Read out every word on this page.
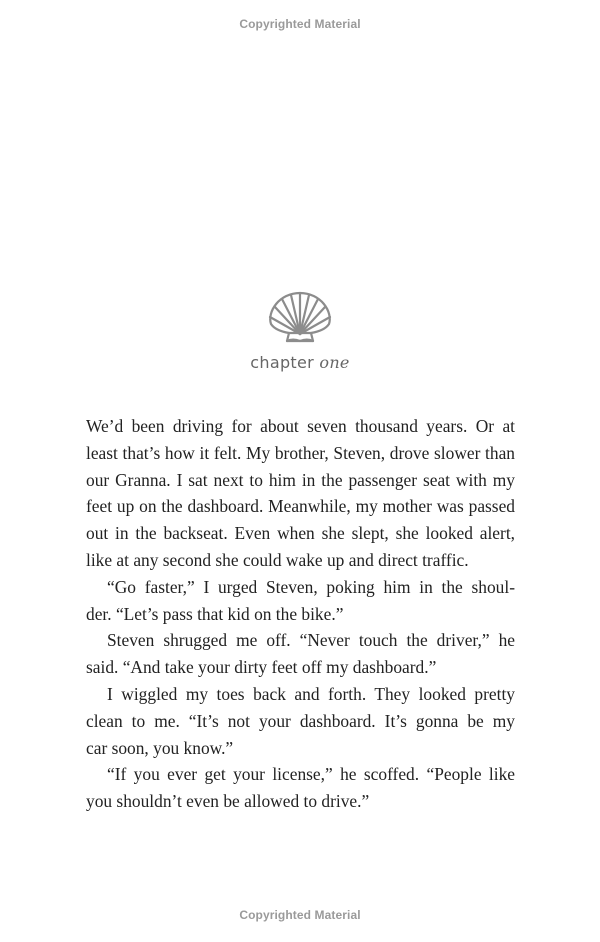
Copyrighted Material
chapter one

We’d been driving for about seven thousand years. Or at

least that’s how it felt. My brother, Steven, drove slower than

our Granna. I sat next to him in the passenger seat with my

feet up on the dashboard. Meanwhile, my mother was passed

out in the backseat. Even when she slept, she looked alert,

like at any second she could wake up and direct traffic.

“Go faster,” I urged Steven, poking him in the shoul-

der. “Let’s pass that kid on the bike.”

Steven shrugged me off. “Never touch the driver,” he

said. “And take your dirty feet off my dashboard.”

I wiggled my toes back and forth. They looked pretty

clean to me. “It’s not your dashboard. It’s gonna be my

car soon, you know.”

“If you ever get your license,” he scoffed. “People like

you shouldn’t even be allowed to drive.”

Copyrighted Material
